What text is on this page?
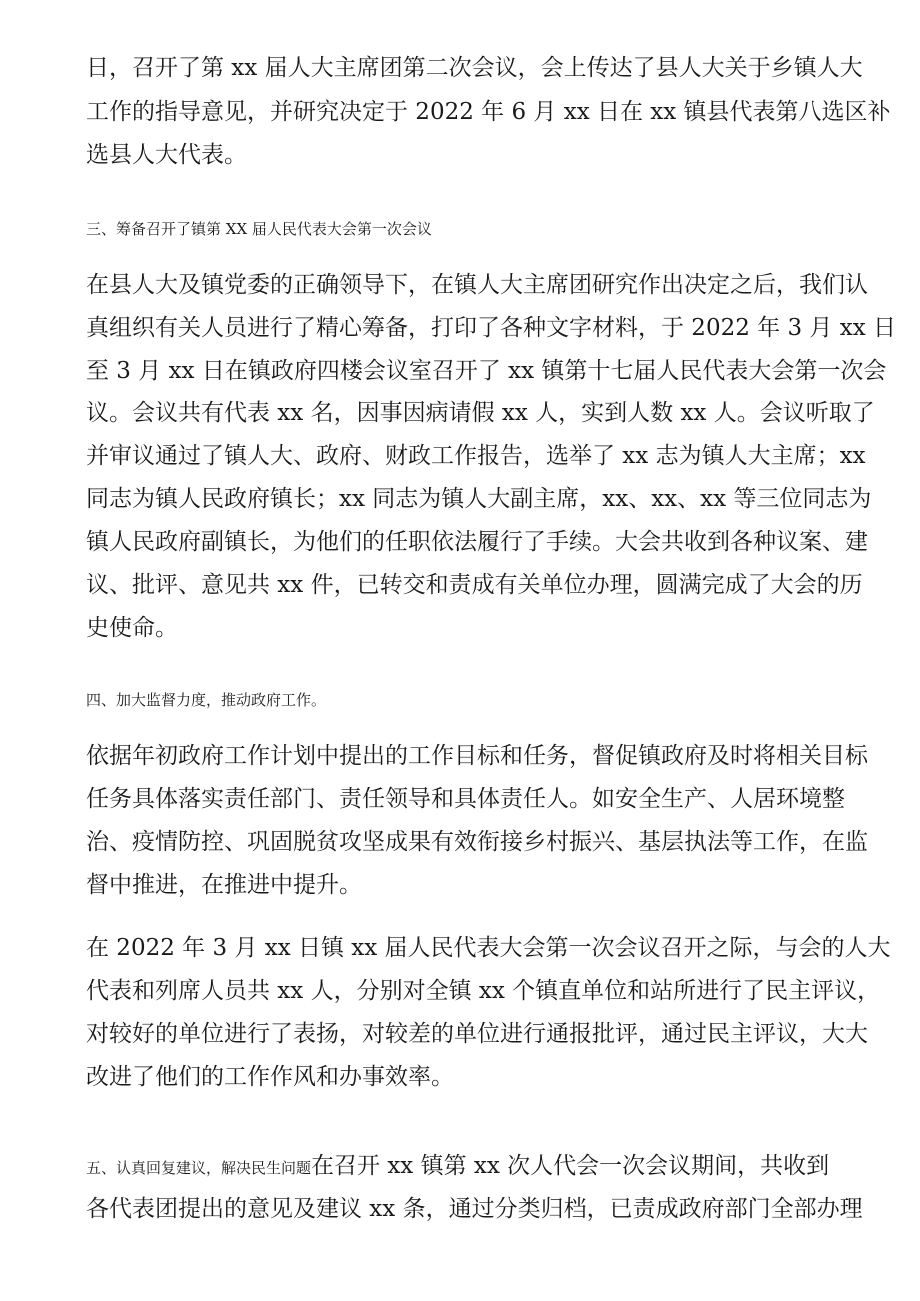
日，召开了第 xx 届人大主席团第二次会议，会上传达了县人大关于乡镇人大

工作的指导意见，并研究决定于 2022 年 6 月 xx 日在 xx 镇县代表第八选区补

选县人大代表。

三、筹备召开了镇第 XX 届人民代表大会第一次会议

在县人大及镇党委的正确领导下，在镇人大主席团研究作出决定之后，我们认

真组织有关人员进行了精心筹备，打印了各种文字材料，于 2022 年 3 月 xx 日

至 3 月 xx 日在镇政府四楼会议室召开了 xx 镇第十七届人民代表大会第一次会

议。会议共有代表 xx 名，因事因病请假 xx 人，实到人数 xx 人。会议听取了

并审议通过了镇人大、政府、财政工作报告，选举了 xx 志为镇人大主席；xx

同志为镇人民政府镇长；xx 同志为镇人大副主席，xx、xx、xx 等三位同志为

镇人民政府副镇长，为他们的任职依法履行了手续。大会共收到各种议案、建

议、批评、意见共 xx 件，已转交和责成有关单位办理，圆满完成了大会的历

史使命。

四、加大监督力度，推动政府工作。

依据年初政府工作计划中提出的工作目标和任务，督促镇政府及时将相关目标

任务具体落实责任部门、责任领导和具体责任人。如安全生产、人居环境整

治、疫情防控、巩固脱贫攻坚成果有效衔接乡村振兴、基层执法等工作，在监

督中推进，在推进中提升。

在 2022 年 3 月 xx 日镇 xx 届人民代表大会第一次会议召开之际，与会的人大

代表和列席人员共 xx 人，分别对全镇 xx 个镇直单位和站所进行了民主评议，

对较好的单位进行了表扬，对较差的单位进行通报批评，通过民主评议，大大

改进了他们的工作作风和办事效率。

五、认真回复建议，解决民生问题在召开 xx 镇第 xx 次人代会一次会议期间，共收到

各代表团提出的意见及建议 xx 条，通过分类归档，已责成政府部门全部办理
